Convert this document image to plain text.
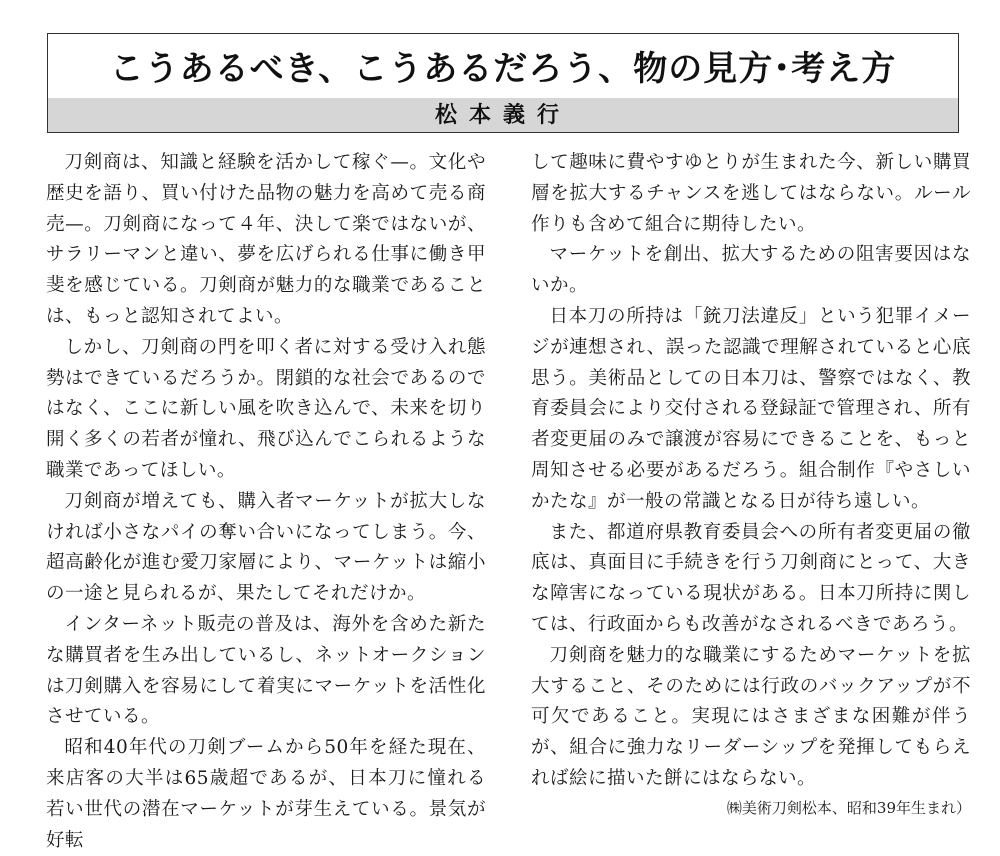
こうあるべき、こうあるだろう、物の見方･考え方
松本義行

刀剣商は、知識と経験を活かして稼ぐ—。文化や歴史を語り、買い付けた品物の魅力を高めて売る商売—。刀剣商になって４年、決して楽ではないが、サラリーマンと違い、夢を広げられる仕事に働き甲斐を感じている。刀剣商が魅力的な職業であることは、もっと認知されてよい。

しかし、刀剣商の門を叩く者に対する受け入れ態勢はできているだろうか。閉鎖的な社会であるのではなく、ここに新しい風を吹き込んで、未来を切り開く多くの若者が憧れ、飛び込んでこられるような職業であってほしい。

刀剣商が増えても、購入者マーケットが拡大しなければ小さなパイの奪い合いになってしまう。今、超高齢化が進む愛刀家層により、マーケットは縮小の一途と見られるが、果たしてそれだけか。

インターネット販売の普及は、海外を含めた新たな購買者を生み出しているし、ネットオークションは刀剣購入を容易にして着実にマーケットを活性化させている。

昭和40年代の刀剣ブームから50年を経た現在、来店客の大半は65歳超であるが、日本刀に憧れる若い世代の潜在マーケットが芽生えている。景気が好転

して趣味に費やすゆとりが生まれた今、新しい購買層を拡大するチャンスを逃してはならない。ルール作りも含めて組合に期待したい。

マーケットを創出、拡大するための阻害要因はないか。

日本刀の所持は「銃刀法違反」という犯罪イメージが連想され、誤った認識で理解されていると心底思う。美術品としての日本刀は、警察ではなく、教育委員会により交付される登録証で管理され、所有者変更届のみで譲渡が容易にできることを、もっと周知させる必要があるだろう。組合制作『やさしいかたな』が一般の常識となる日が待ち遠しい。

また、都道府県教育委員会への所有者変更届の徹底は、真面目に手続きを行う刀剣商にとって、大きな障害になっている現状がある。日本刀所持に関しては、行政面からも改善がなされるべきであろう。

刀剣商を魅力的な職業にするためマーケットを拡大すること、そのためには行政のバックアップが不可欠であること。実現にはさまざまな困難が伴うが、組合に強力なリーダーシップを発揮してもらえれば絵に描いた餅にはならない。

㈱美術刀剣松本、昭和39年生まれ）
